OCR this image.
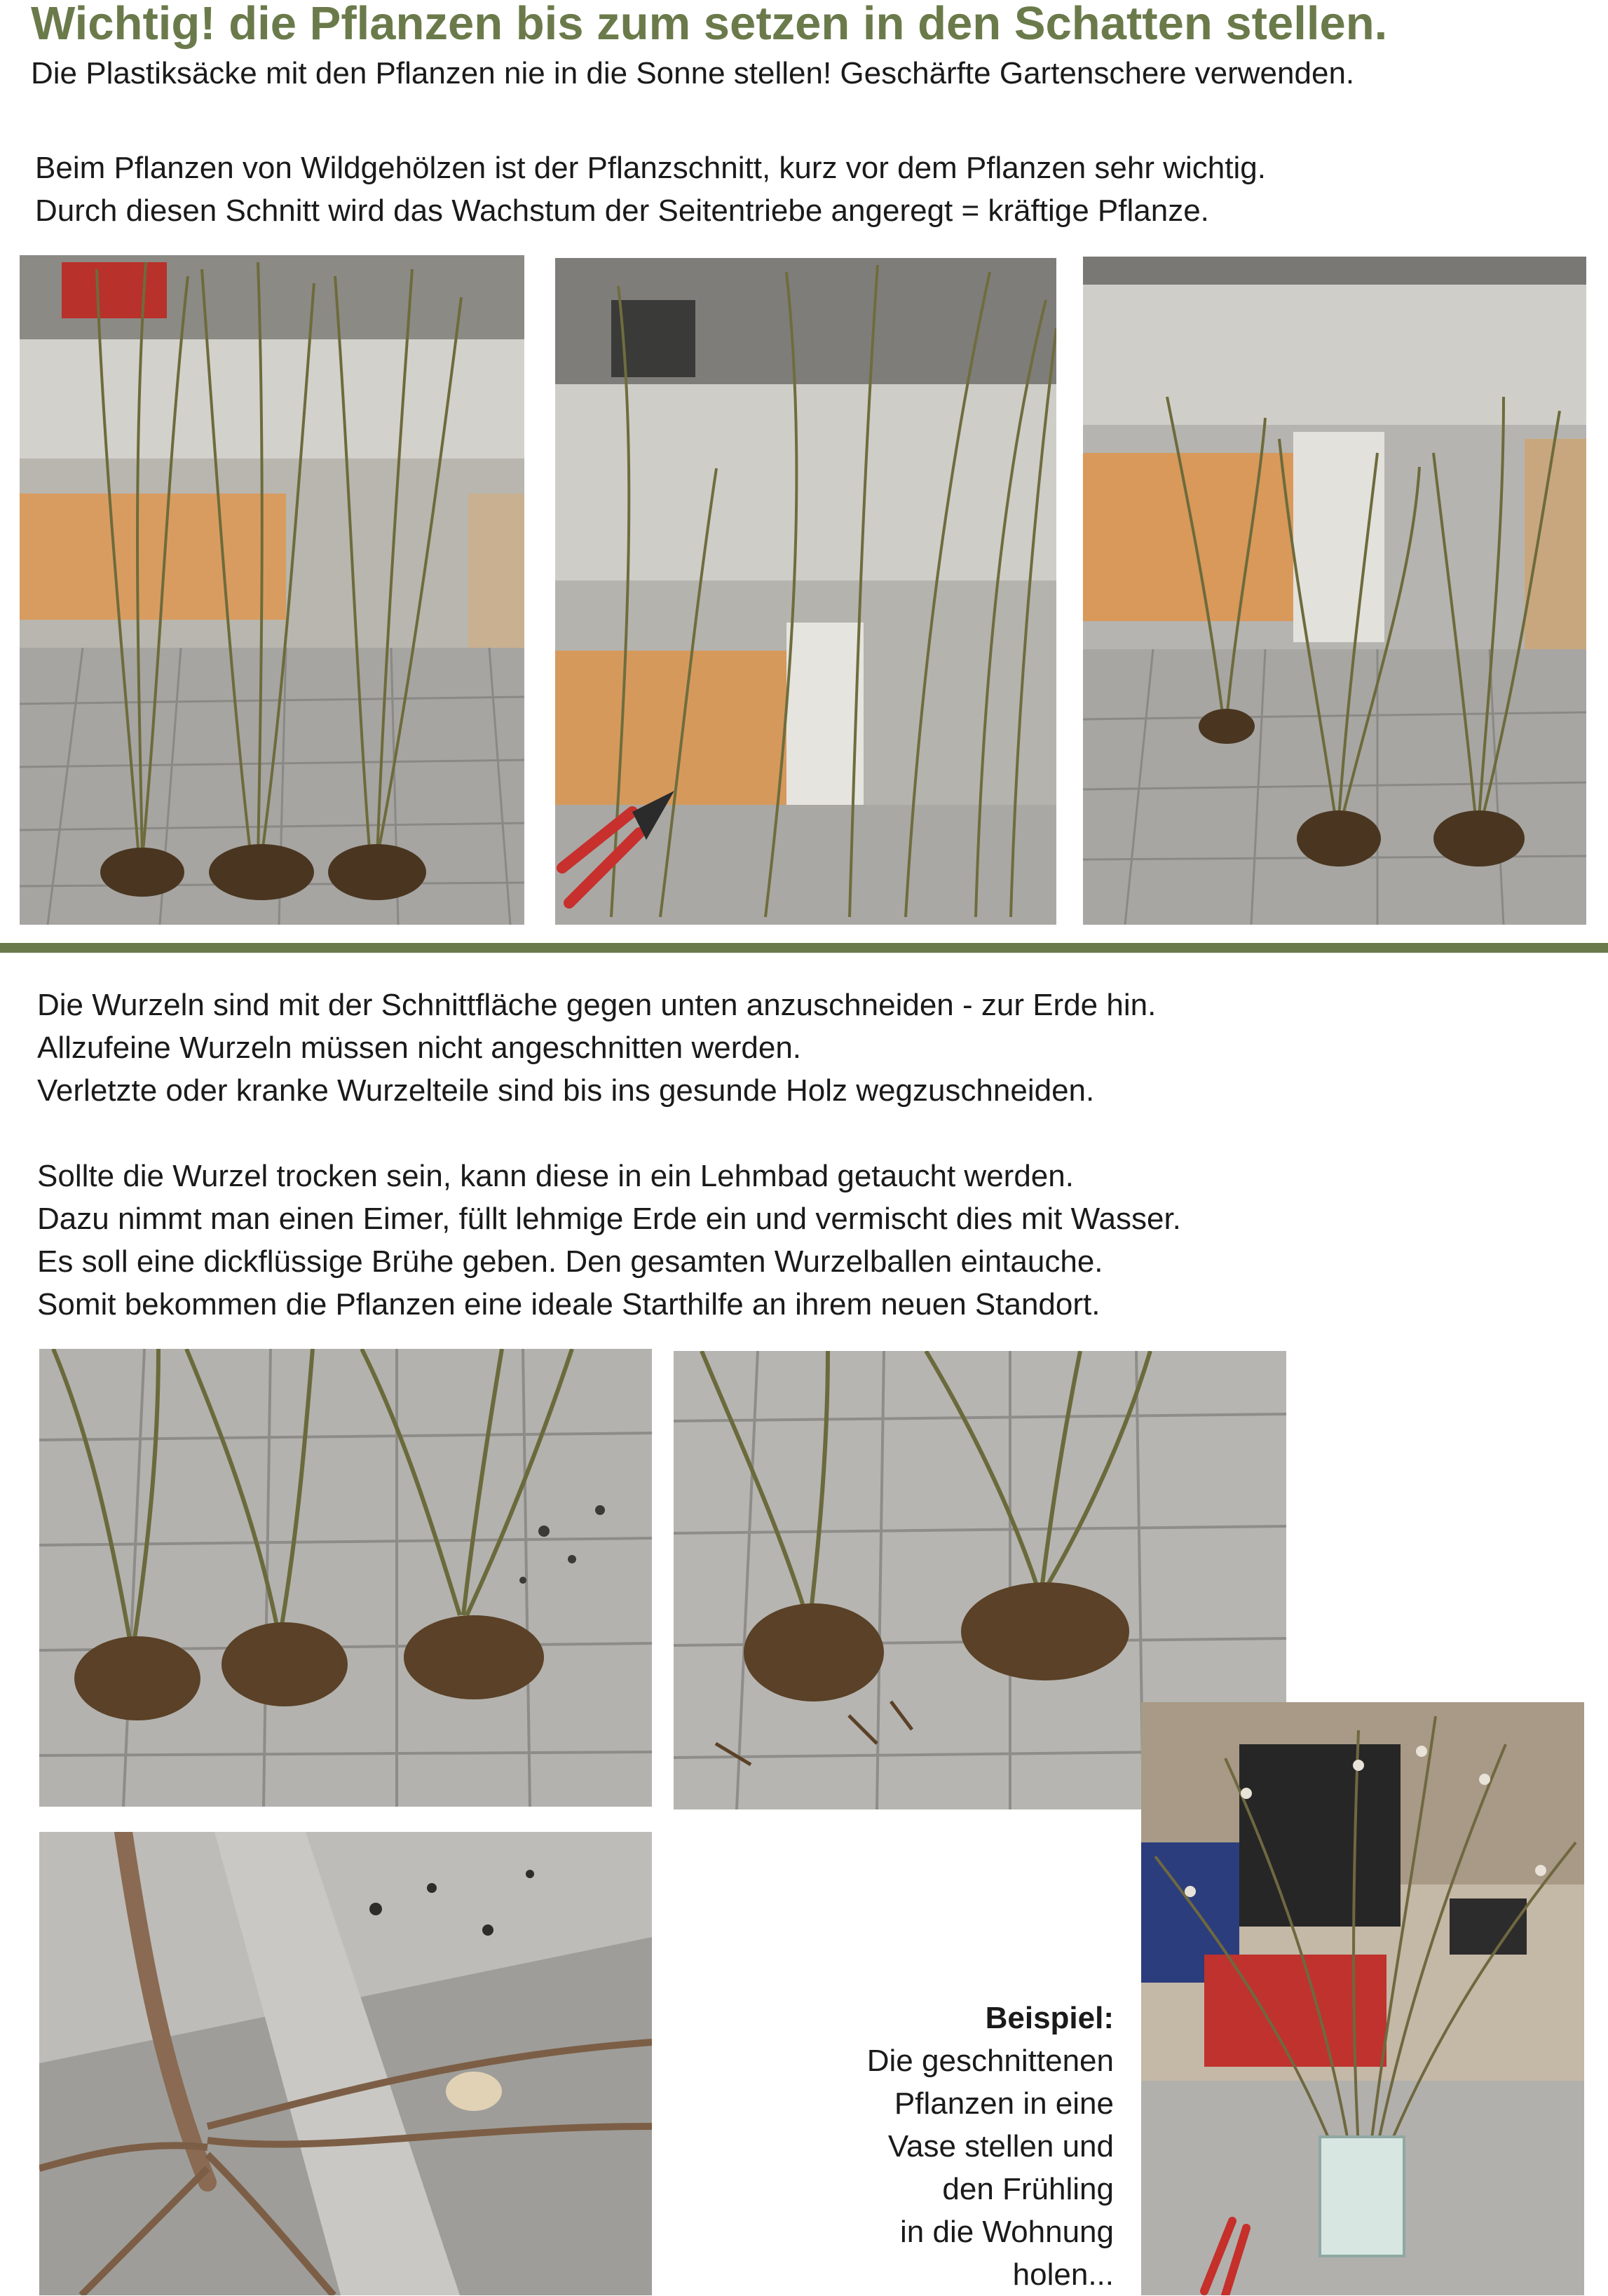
Wichtig! die Pflanzen bis zum setzen in den Schatten stellen.
Die Plastiksäcke mit den Pflanzen nie in die Sonne stellen! Geschärfte Gartenschere verwenden.
Beim Pflanzen von Wildgehölzen ist der Pflanzschnitt, kurz vor dem Pflanzen sehr wichtig.
Durch diesen Schnitt wird das Wachstum der Seitentriebe angeregt = kräftige Pflanze.
Die Wurzeln sind mit der Schnittfläche gegen unten anzuschneiden - zur Erde hin.
Allzufeine Wurzeln müssen nicht angeschnitten werden.
Verletzte oder kranke Wurzelteile sind bis ins gesunde Holz wegzuschneiden.
Sollte die Wurzel trocken sein, kann diese in ein Lehmbad getaucht werden.
Dazu nimmt man einen Eimer, füllt lehmige Erde ein und vermischt dies mit Wasser.
Es soll eine dickflüssige Brühe geben. Den gesamten Wurzelballen eintauche.
Somit bekommen die Pflanzen eine ideale Starthilfe an ihrem neuen Standort.
Beispiel:
Die geschnittenen
Pflanzen in eine
Vase stellen und
den Frühling
in die Wohnung
holen...
